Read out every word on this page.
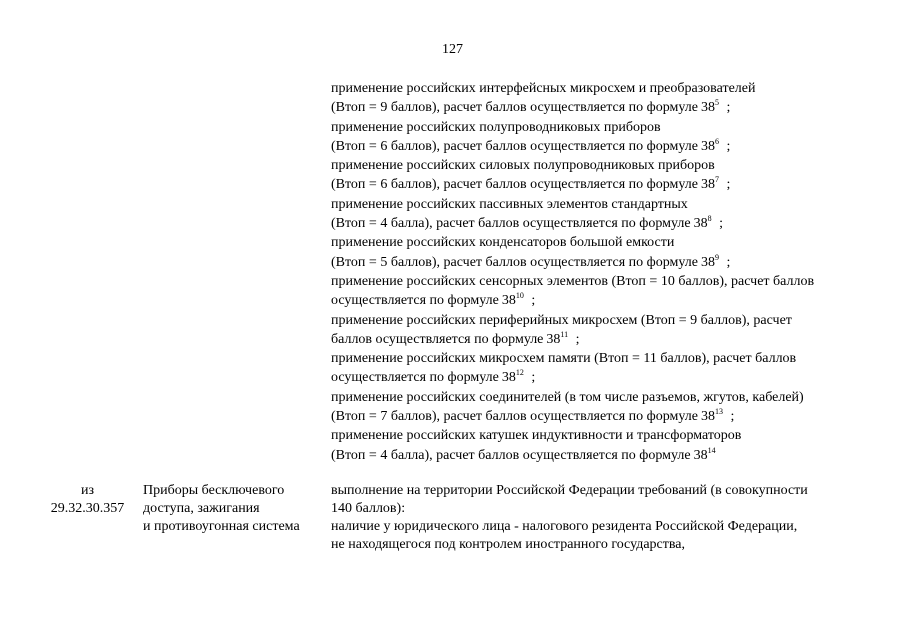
127
применение российских интерфейсных микросхем и преобразователей
(Втоп = 9 баллов), расчет баллов осуществляется по формуле $38^5$ ;
применение российских полупроводниковых приборов
(Втоп = 6 баллов), расчет баллов осуществляется по формуле $38^6$ ;
применение российских силовых полупроводниковых приборов
(Втоп = 6 баллов), расчет баллов осуществляется по формуле $38^7$ ;
применение российских пассивных элементов стандартных
(Втоп = 4 балла), расчет баллов осуществляется по формуле $38^8$ ;
применение российских конденсаторов большой емкости
(Втоп = 5 баллов), расчет баллов осуществляется по формуле $38^9$ ;
применение российских сенсорных элементов (Втоп = 10 баллов), расчет баллов
осуществляется по формуле $38^{10}$ ;
применение российских периферийных микросхем (Втоп = 9 баллов), расчет
баллов осуществляется по формуле $38^{11}$ ;
применение российских микросхем памяти (Втоп = 11 баллов), расчет баллов
осуществляется по формуле $38^{12}$ ;
применение российских соединителей (в том числе разъемов, жгутов, кабелей)
(Втоп = 7 баллов), расчет баллов осуществляется по формуле $38^{13}$ ;
применение российских катушек индуктивности и трансформаторов
(Втоп = 4 балла), расчет баллов осуществляется по формуле $38^{14}$
из
29.32.30.357
Приборы бесключевого
доступа, зажигания
и противоугонная система
выполнение на территории Российской Федерации требований (в совокупности
140 баллов):
наличие у юридического лица - налогового резидента Российской Федерации,
не находящегося под контролем иностранного государства,
